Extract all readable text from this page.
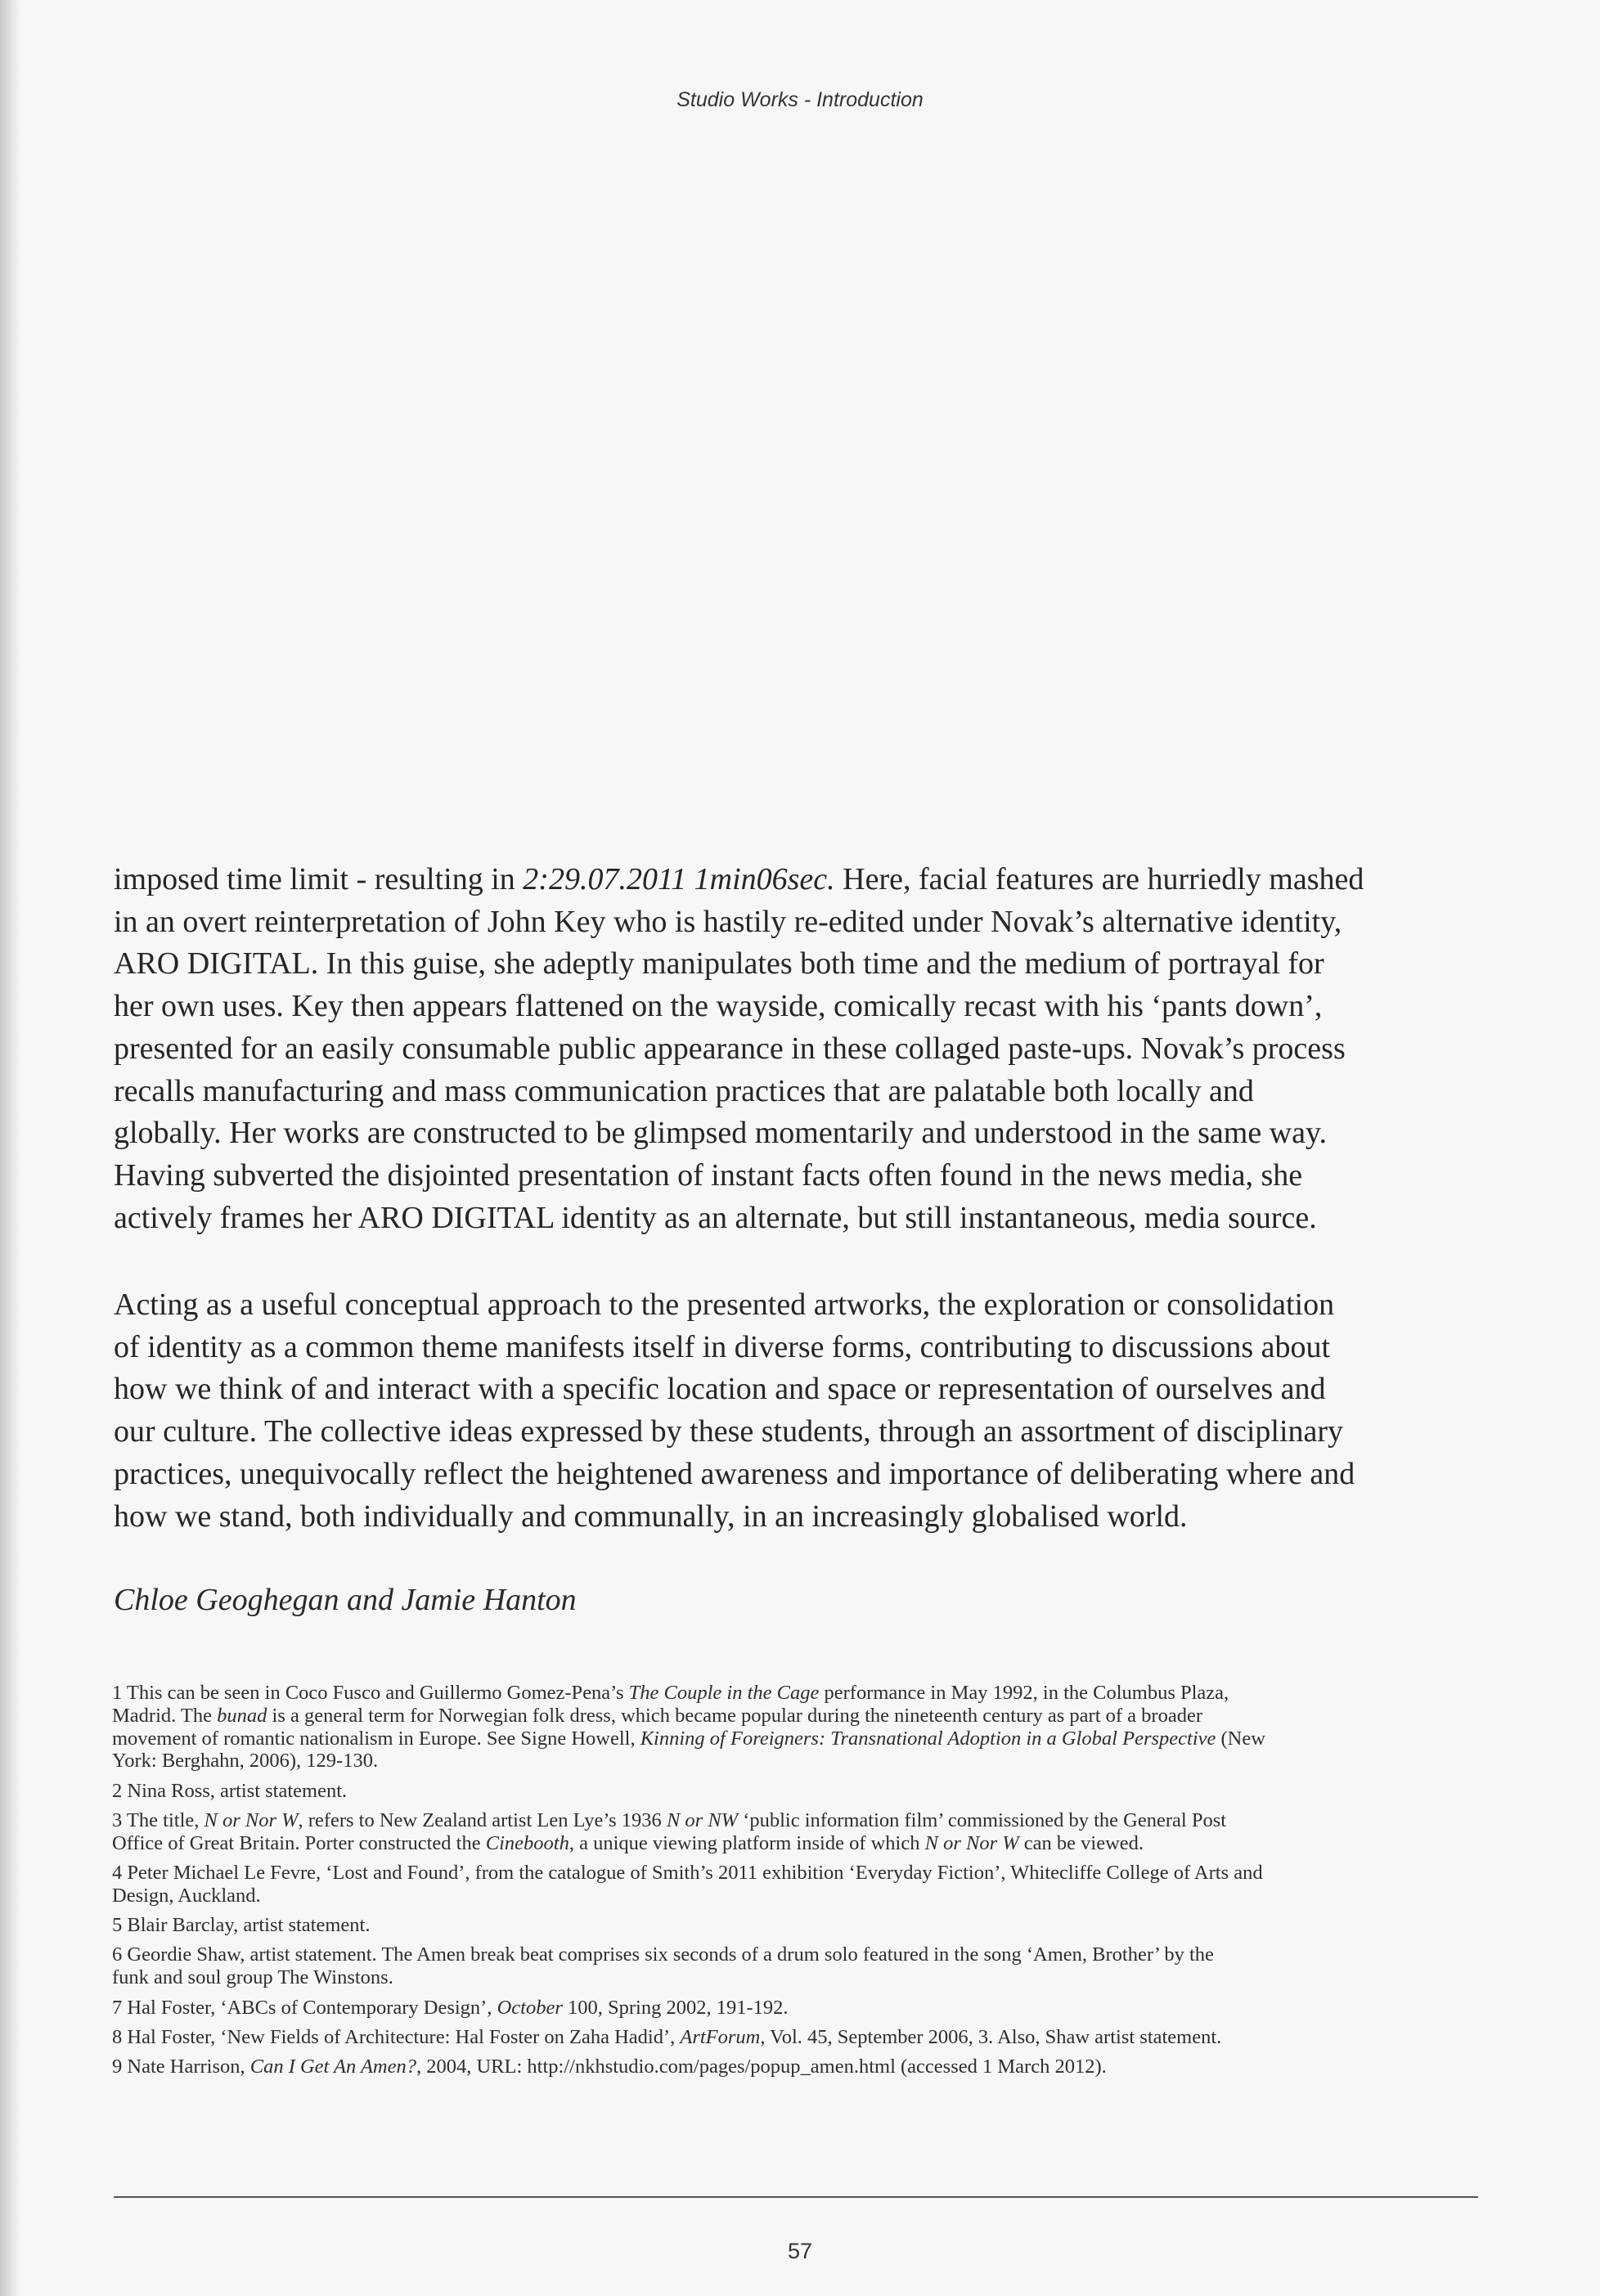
Studio Works - Introduction
imposed time limit - resulting in 2:29.07.2011 1min06sec. Here, facial features are hurriedly mashed
in an overt reinterpretation of John Key who is hastily re-edited under Novak’s alternative identity,
ARO DIGITAL. In this guise, she adeptly manipulates both time and the medium of portrayal for
her own uses. Key then appears flattened on the wayside, comically recast with his ‘pants down’,
presented for an easily consumable public appearance in these collaged paste-ups. Novak’s process
recalls manufacturing and mass communication practices that are palatable both locally and
globally. Her works are constructed to be glimpsed momentarily and understood in the same way.
Having subverted the disjointed presentation of instant facts often found in the news media, she
actively frames her ARO DIGITAL identity as an alternate, but still instantaneous, media source.
Acting as a useful conceptual approach to the presented artworks, the exploration or consolidation
of identity as a common theme manifests itself in diverse forms, contributing to discussions about
how we think of and interact with a specific location and space or representation of ourselves and
our culture. The collective ideas expressed by these students, through an assortment of disciplinary
practices, unequivocally reflect the heightened awareness and importance of deliberating where and
how we stand, both individually and communally, in an increasingly globalised world.
Chloe Geoghegan and Jamie Hanton
1 This can be seen in Coco Fusco and Guillermo Gomez-Pena’s The Couple in the Cage performance in May 1992, in the Columbus Plaza,
Madrid. The bunad is a general term for Norwegian folk dress, which became popular during the nineteenth century as part of a broader
movement of romantic nationalism in Europe. See Signe Howell, Kinning of Foreigners: Transnational Adoption in a Global Perspective (New
York: Berghahn, 2006), 129-130.
2 Nina Ross, artist statement.
3 The title, N or Nor W, refers to New Zealand artist Len Lye’s 1936 N or NW ‘public information film’ commissioned by the General Post
Office of Great Britain. Porter constructed the Cinebooth, a unique viewing platform inside of which N or Nor W can be viewed.
4 Peter Michael Le Fevre, ‘Lost and Found’, from the catalogue of Smith’s 2011 exhibition ‘Everyday Fiction’, Whitecliffe College of Arts and
Design, Auckland.
5 Blair Barclay, artist statement.
6 Geordie Shaw, artist statement. The Amen break beat comprises six seconds of a drum solo featured in the song ‘Amen, Brother’ by the
funk and soul group The Winstons.
7 Hal Foster, ‘ABCs of Contemporary Design’, October 100, Spring 2002, 191-192.
8 Hal Foster, ‘New Fields of Architecture: Hal Foster on Zaha Hadid’, ArtForum, Vol. 45, September 2006, 3. Also, Shaw artist statement.
9 Nate Harrison, Can I Get An Amen?, 2004, URL: http://nkhstudio.com/pages/popup_amen.html (accessed 1 March 2012).
57
